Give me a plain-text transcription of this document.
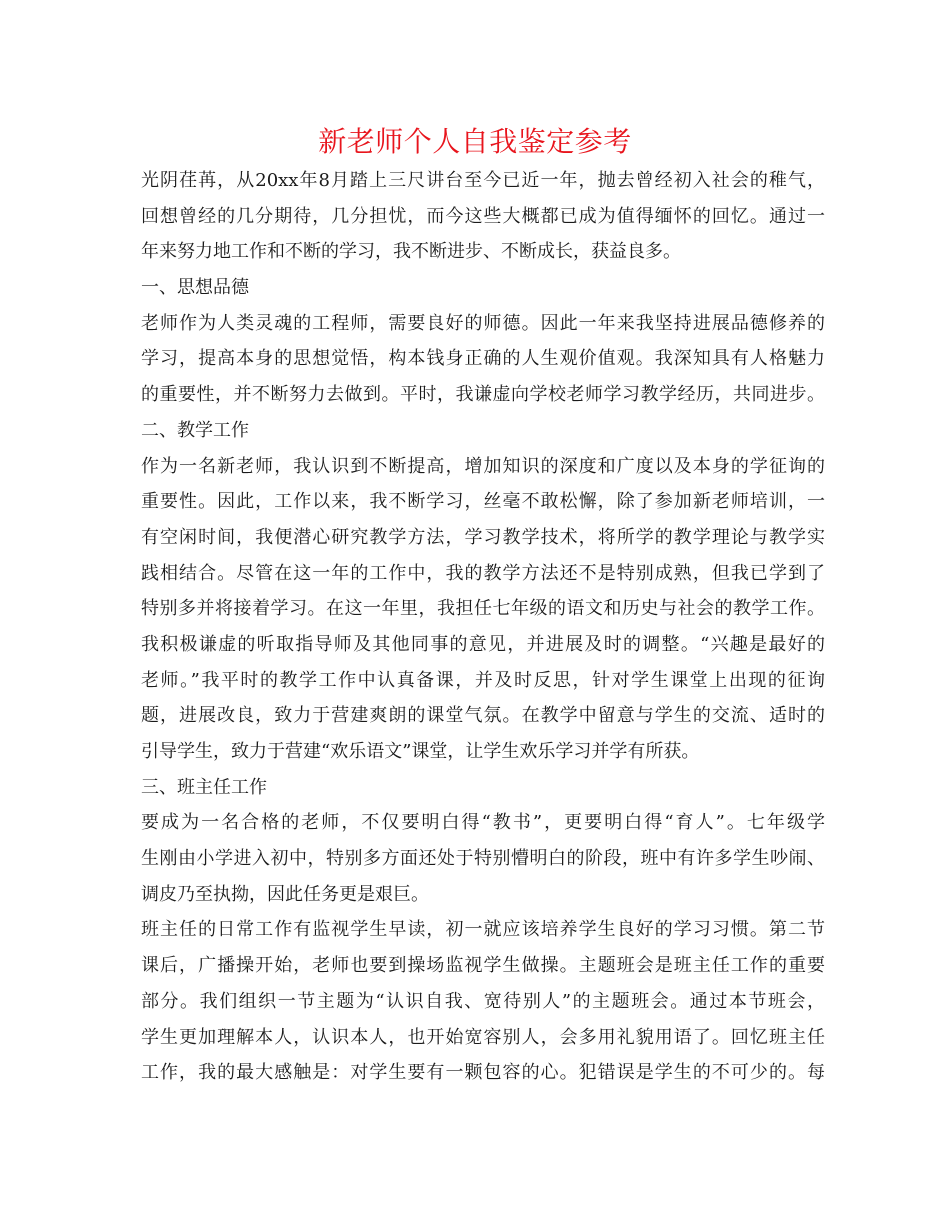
新老师个人自我鉴定参考
光阴荏苒，从20xx年8月踏上三尺讲台至今已近一年，抛去曾经初入社会的稚气，
回想曾经的几分期待，几分担忧，而今这些大概都已成为值得缅怀的回忆。通过一
年来努力地工作和不断的学习，我不断进步、不断成长，获益良多。
一、思想品德
老师作为人类灵魂的工程师，需要良好的师德。因此一年来我坚持进展品德修养的
学习，提高本身的思想觉悟，构本钱身正确的人生观价值观。我深知具有人格魅力
的重要性，并不断努力去做到。平时，我谦虚向学校老师学习教学经历，共同进步。
二、教学工作
作为一名新老师，我认识到不断提高，增加知识的深度和广度以及本身的学征询的
重要性。因此，工作以来，我不断学习，丝毫不敢松懈，除了参加新老师培训，一
有空闲时间，我便潜心研究教学方法，学习教学技术，将所学的教学理论与教学实
践相结合。尽管在这一年的工作中，我的教学方法还不是特别成熟，但我已学到了
特别多并将接着学习。在这一年里，我担任七年级的语文和历史与社会的教学工作。
我积极谦虚的听取指导师及其他同事的意见，并进展及时的调整。“兴趣是最好的
老师。”我平时的教学工作中认真备课，并及时反思，针对学生课堂上出现的征询
题，进展改良，致力于营建爽朗的课堂气氛。在教学中留意与学生的交流、适时的
引导学生，致力于营建“欢乐语文”课堂，让学生欢乐学习并学有所获。
三、班主任工作
要成为一名合格的老师，不仅要明白得“教书”，更要明白得“育人”。七年级学
生刚由小学进入初中，特别多方面还处于特别懵明白的阶段，班中有许多学生吵闹、
调皮乃至执拗，因此任务更是艰巨。
班主任的日常工作有监视学生早读，初一就应该培养学生良好的学习习惯。第二节
课后，广播操开始，老师也要到操场监视学生做操。主题班会是班主任工作的重要
部分。我们组织一节主题为“认识自我、宽待别人”的主题班会。通过本节班会，
学生更加理解本人，认识本人，也开始宽容别人，会多用礼貌用语了。回忆班主任
工作，我的最大感触是：对学生要有一颗包容的心。犯错误是学生的不可少的。每
